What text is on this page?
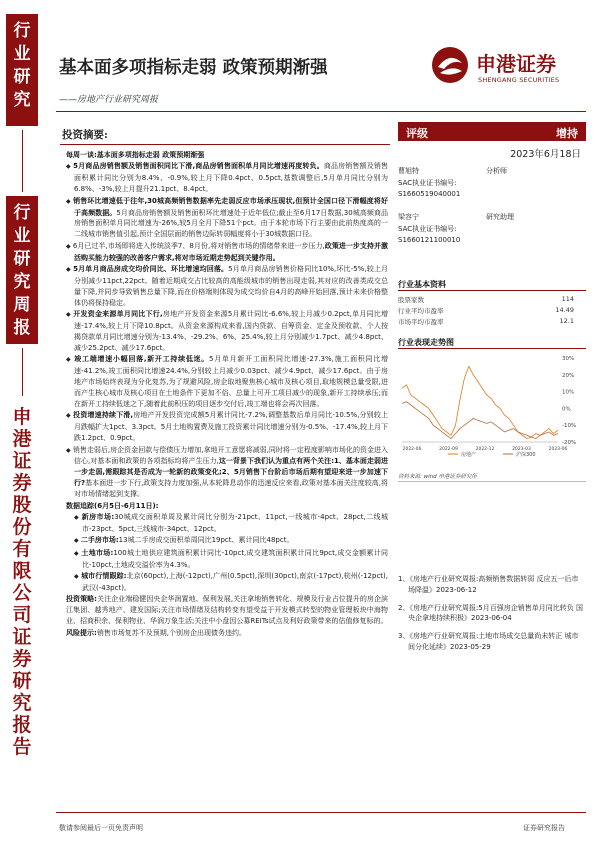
行业研究
行业研究周报
申港证券股份有限公司证券研究报告
基本面多项指标走弱 政策预期渐强
——房地产行业研究周报
申港证券
SHENGANG SECURITIES
投资摘要:

每周一谈:基本面多项指标走弱 政策预期渐强

◆ 5月商品房销售额及销售面积同比下滑,商品房销售面积单月同比增速再度转负。商品房销售额及销售面积累计同比分别为8.4%、-0.9%,较上月下降0.4pct、0.5pct,基数调整后,5月单月同比分别为6.8%、-3%,较上月提升21.1pct、8.4pct。

◆ 销售环比增速低于往年,30城高频销售数据率先走弱反应市场承压现状,但预计全国口径下滑幅度将好于高频数据。5月商品房销售额及销售面积环比增速处于近年低位;截止至6月17日数据,30城高频商品房销售面积单月同比增速为-26%,较5月全月下降51个pct。由于本轮市场下行主要由此前热度高的一二线城市销售值引起,预计全国层面的销售边际转弱幅度将小于30城数据口径。

◆ 6月已过半,市场即将进入传统淡季7、8月份,将对销售市场的情绪带来进一步压力,政策进一步支持并激活购买能力较强的改善客户需求,将对市场近期走势起到关键作用。

◆ 5月单月商品房成交均价同比、环比增速均回落。5月单月商品房销售价格同比10%,环比-5%,较上月分别减少11pct,22pct。随着近期成交占比较高的高能级城市的销售出现走弱,其对应的改善类成交总量下降,并同步导致销售总量下降,而在价格端则体现为成交均价自4月的高峰开始回落,预计未来价格整体仍将保持稳定。

◆ 开发资金来源单月同比下行,房地产开发资金来源5月累计同比-6.6%,较上月减少0.2pct,单月同比增速-17.4%,较上月下降10.8pct。从资金来源构成来看,国内贷款、自筹资金、定金及预收款、个人按揭贷款单月同比增速分别为-13.4%、-29.2%、6%、25.4%,较上月分别减少1.7pct、减少4.8pct、减少25.2pct、减少17.6pct。

◆ 竣工端增速小幅回落,新开工持续低迷。5月单月新开工面积同比增速-27.3%,施工面积同比增速-41.2%,竣工面积同比增速24.4%,分别较上月减少0.03pct、减少4.9pct、减少17.6pct。由于房地产市场始终表现为分化复苏,为了规避风险,房企取地聚焦核心城市及核心项目,取地规模总量受限,进而产生核心城市及核心项目在土地条件下更加不俗、总量上可开工项目减少的现象,新开工持续承压;而在新开工持续低迷之下,随着此前积压的项目逐步交付后,竣工端也将会再次回落。

◆ 投资增速持续下滑,房地产开发投资完成额5月累计同比-7.2%,调整基数后单月同比-10.5%,分别较上月跌幅扩大1pct、3.3pct。5月土地购置费及施工投资累计同比增速分别为-0.5%、-17.4%,较上月下跌1.2pct、0.9pct。

◆ 销售走弱后,房企资金回款与偿债压力增加,拿地开工意愿将减弱,同时将一定程度影响市场化的资金进入信心,对基本面和政策的各项指标均将产生压力,这一背景下我们认为重点有两个关注:1、基本面走弱进一步走弱,需跟踪其是否成为一轮新的政策变化;2、5月销售下台阶后市场后期有望迎来进一步加速下行?基本面进一步下行,政策支持力度加强,从本轮降息动作的迅速反应来看,政策对基本面关注度较高,将对市场情绪起到支撑。

数据追踪(6月5日-6月11日):

◆ 新房市场:30城成交面积单周及累计同比分别为-21pct、11pct,一线城市-4pct、28pct,二线城市-23pct、5pct,三线城市-34pct、12pct。

◆ 二手房市场:13城二手房成交面积单周同比19pct、累计同比48pct。

◆ 土地市场:100城土地供应建筑面积累计同比-10pct,成交建筑面积累计同比9pct,成交金额累计同比-10pct,土地成交溢价率为4.3%。

◆ 城市行情跟踪:北京(60pct),上海(-12pct),广州(0.5pct),深圳(30pct),南京(-17pct),杭州(-12pct),武汉(-43pct)。

投资策略:关注企业端稳健因央企华润置地、保利发展,关注拿地销售转化、规模及行业占位提升的房企滨江集团、越秀地产、建发国际;关注市场情绪及结构转变有望受益于开发模式转型的物业管理板块中海物业、招商积余、保利物业、华润万象生活;关注中小盘因公募REITs试点及利好政策带来的估值修复标的。

风险提示:销售市场复苏不及预期,个别房企出现债务违约。

评级	增持
2023年6月18日
曹旭特	分析师
SAC执业证书编号:
S1660519040001
梁容宁	研究助理
SAC执业证书编号:
S1660121100010
行业基本资料
股票家数	114
行业平均市盈率	14.49
市场平均市盈率	12.1
行业表现走势图
30%
20%
10%
0%
-10%
-20%
2022-06	2022-09	2022-12	2023-03	2023-06
房地产	沪深300
资料来源: wind 申港证券研究所

1、《房地产行业研究周报:高频销售数据转弱 反应五一后市场降温》2023-06-12

2、《房地产行业研究周报:5月百强房企销售单月同比转负 国央企拿地持续积极》2023-06-04

3、《房地产行业研究周报:土地市场成交总量尚未转正 城市间分化延续》2023-05-29

敬请参阅最后一页免责声明	证券研究报告
